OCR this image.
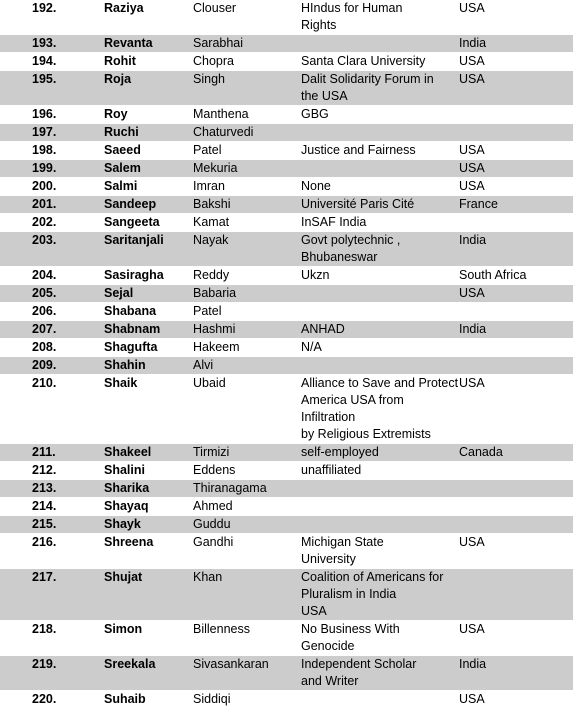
192.	Raziya	Clouser	HIndus for Human
Rights	USA
193.	Revanta	Sarabhai		India
194.	Rohit	Chopra	Santa Clara University	USA
195.	Roja	Singh	Dalit Solidarity Forum in
the USA	USA
196.	Roy	Manthena	GBG	

197.	Ruchi	Chaturvedi	

198.	Saeed	Patel	Justice and Fairness	USA
199.	Salem	Mekuria		USA
200.	Salmi	Imran	None	USA
201.	Sandeep	Bakshi	Université Paris Cité	France
202.	Sangeeta	Kamat	InSAF India	

203.	Saritanjali	Nayak	Govt polytechnic ,
Bhubaneswar	India
204.	Sasiragha	Reddy	Ukzn	South Africa
205.	Sejal	Babaria		USA
206.	Shabana	Patel	

207.	Shabnam	Hashmi	ANHAD	India
208.	Shagufta	Hakeem	N/A	

209.	Shahin	Alvi	

210.	Shaik	Ubaid	Alliance to Save and Protect
America USA from Infiltration
by Religious Extremists	USA
211.	Shakeel	Tirmizi	self-employed	Canada
212.	Shalini	Eddens	unaffiliated	

213.	Sharika	Thiranagama	

214.	Shayaq	Ahmed	

215.	Shayk	Guddu	

216.	Shreena	Gandhi	Michigan State
University	USA
217.	Shujat	Khan	Coalition of Americans for Pluralism in India
USA	

218.	Simon	Billenness	No Business With
Genocide	USA
219.	Sreekala	Sivasankaran	Independent Scholar
and Writer	India
220.	Suhaib	Siddiqi		USA
